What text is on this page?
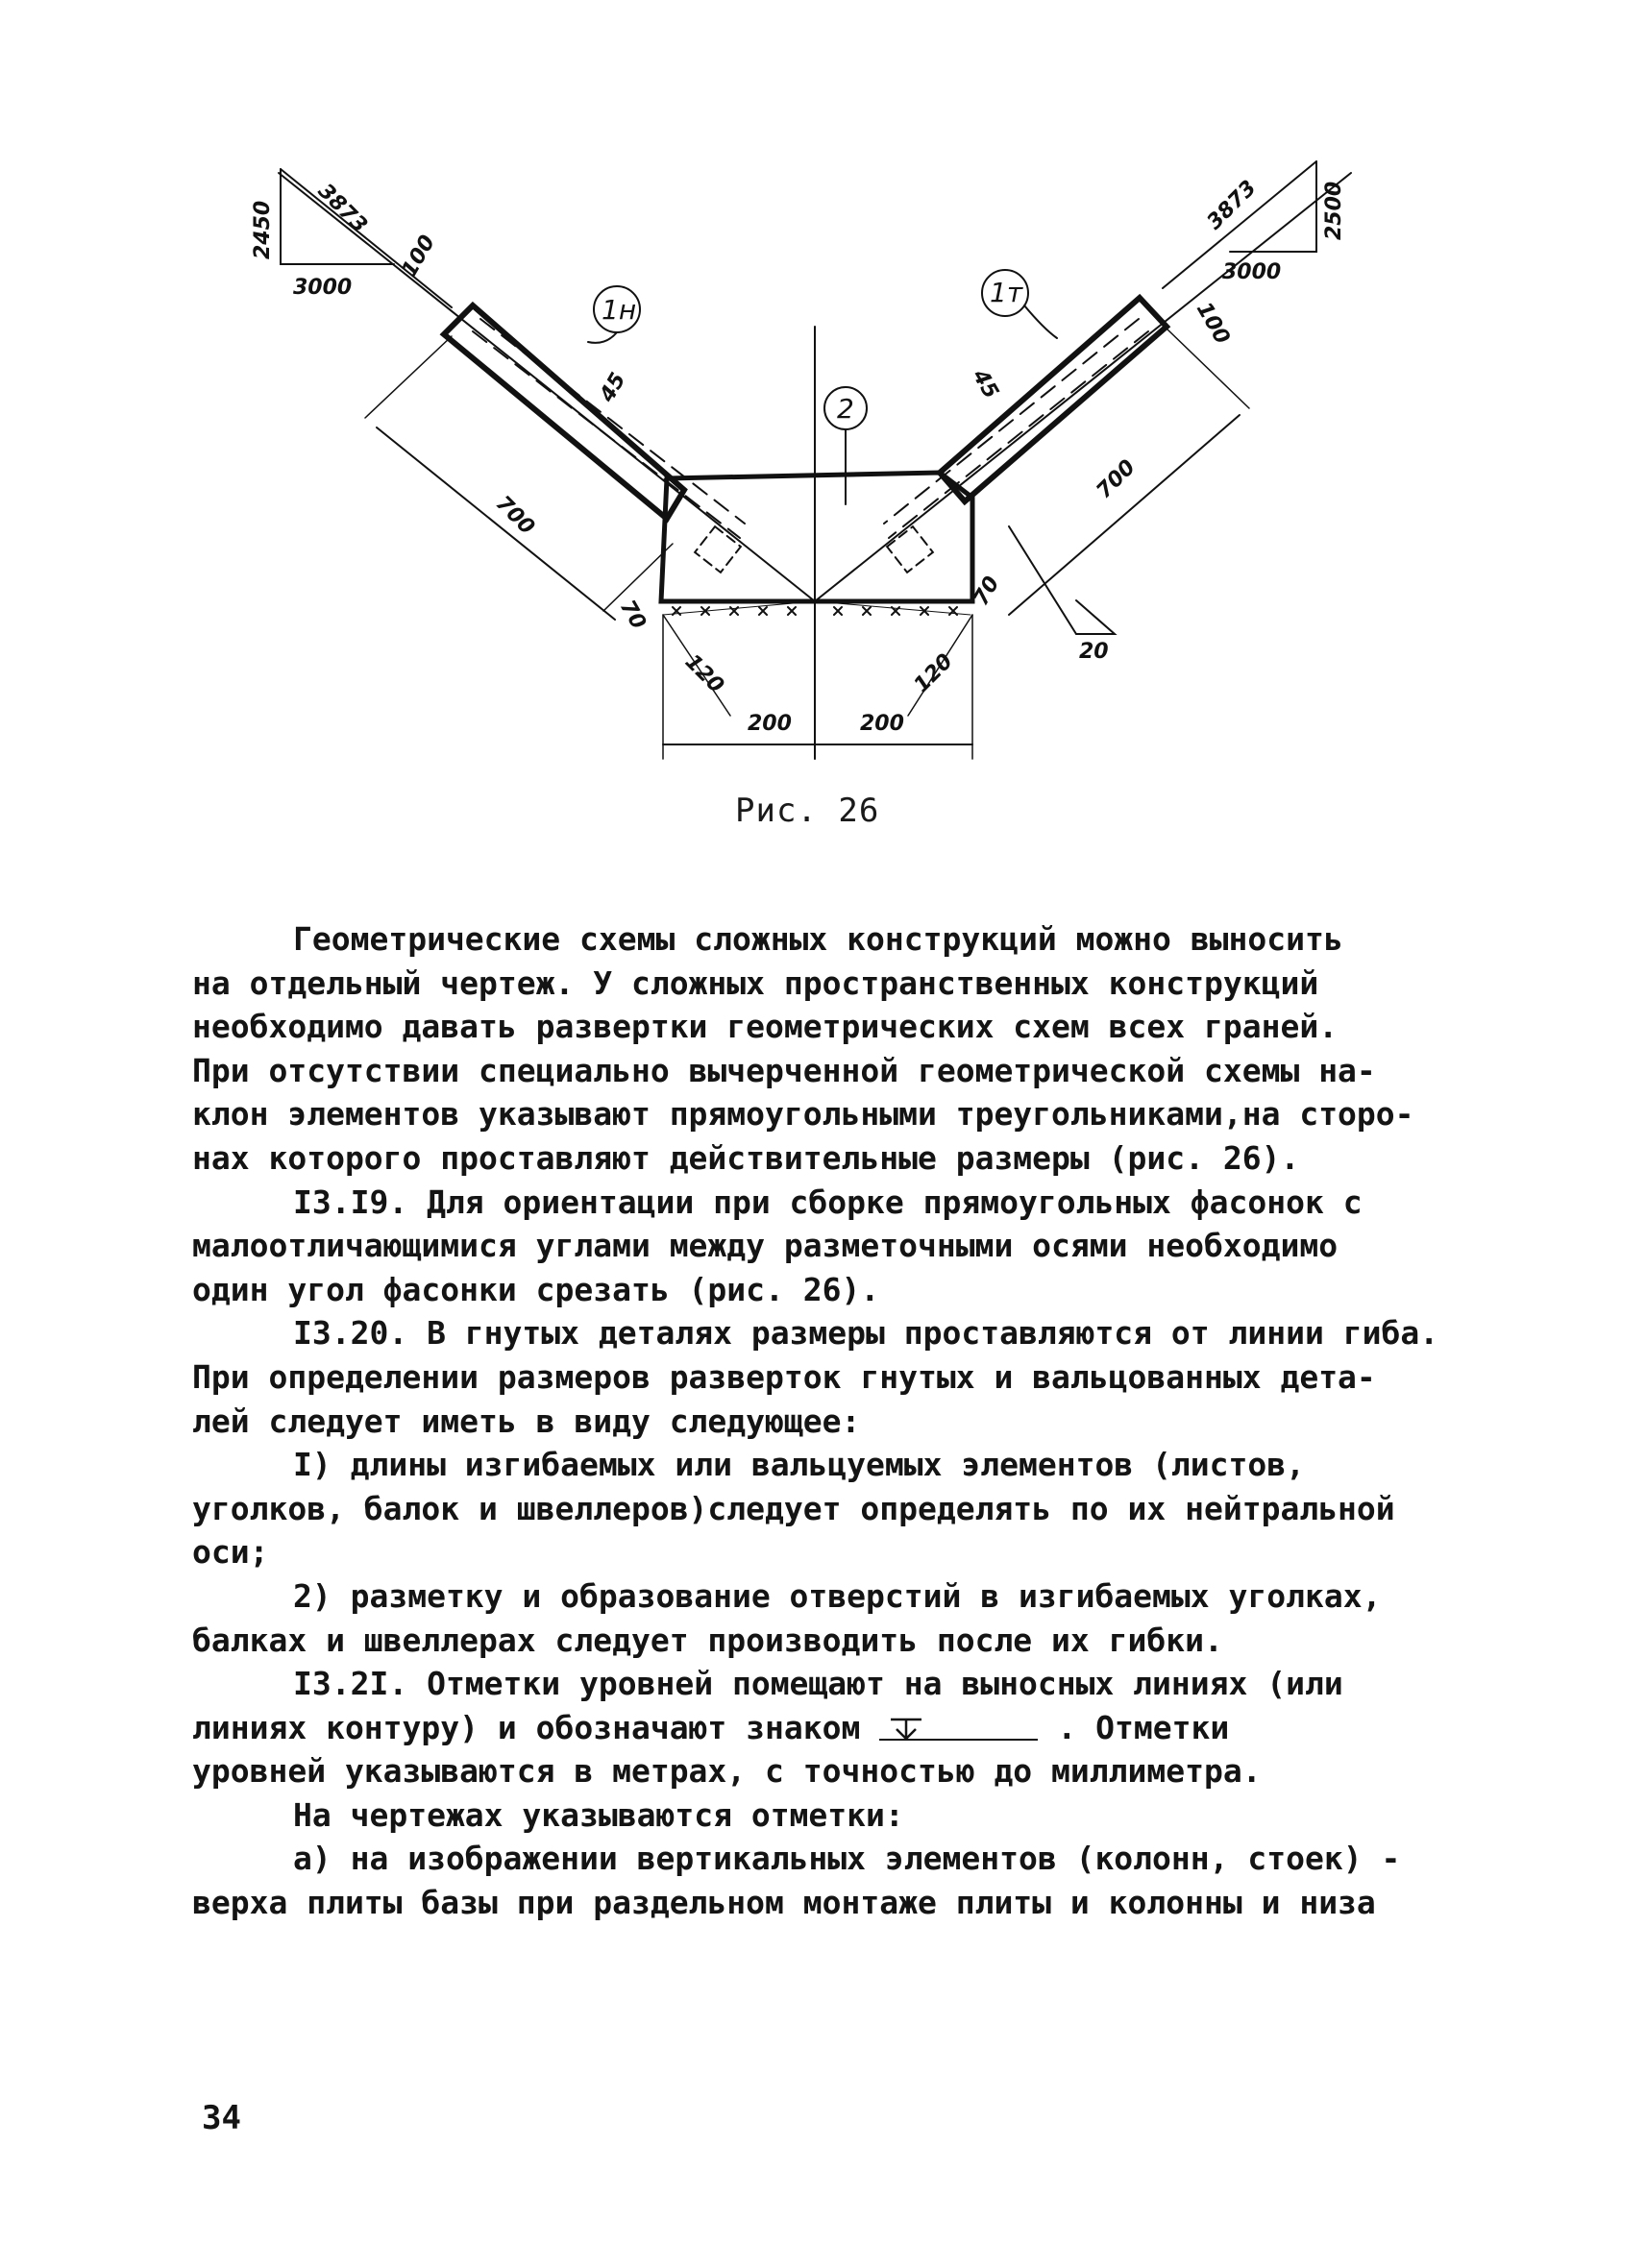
3873
2450
3000
3873	2500
3000
100
100
45	45
700
700
70
70
120	120
200	200
20
1н
1т
2
Рис. 26
Геометрические схемы сложных конструкций можно выносить
на отдельный чертеж. У сложных пространственных конструкций
необходимо давать развертки геометрических схем всех граней.
При отсутствии специально вычерченной геометрической схемы на-
клон элементов указывают прямоугольными треугольниками,на сторо-
нах которого проставляют действительные размеры (рис. 26).
I3.I9. Для ориентации при сборке прямоугольных фасонок с
малоотличающимися углами между разметочными осями необходимо
один угол фасонки срезать (рис. 26).
I3.20. В гнутых деталях размеры проставляются от линии гиба.
При определении размеров разверток гнутых и вальцованных дета-
лей следует иметь в виду следующее:
I) длины изгибаемых или вальцуемых элементов (листов,
уголков, балок и швеллеров)следует определять по их нейтральной
оси;
2) разметку и образование отверстий в изгибаемых уголках,
балках и швеллерах следует производить после их гибки.
I3.2I. Отметки уровней помещают на выносных линиях (или
линиях контуру) и обозначают знаком	. Отметки
уровней указываются в метрах, с точностью до миллиметра.
На чертежах указываются отметки:
а) на изображении вертикальных элементов (колонн, стоек) -
верха плиты базы при раздельном монтаже плиты и колонны и низа
34
